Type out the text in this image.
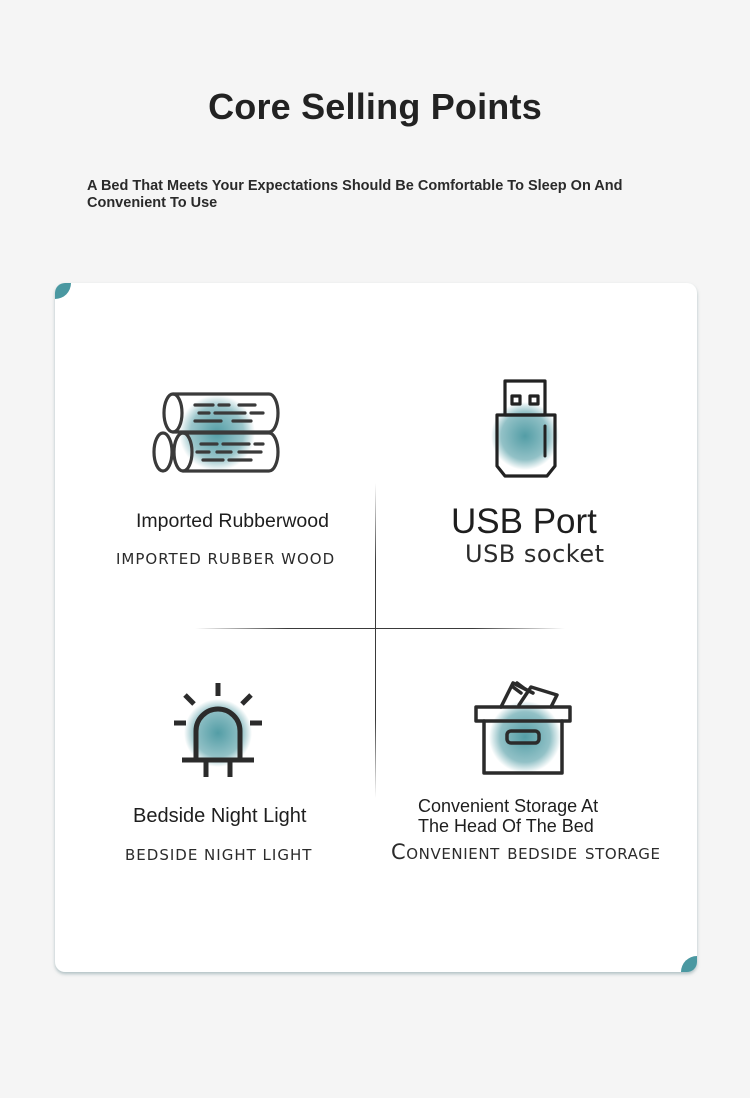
Core Selling Points
A Bed That Meets Your Expectations Should Be Comfortable To Sleep On And Convenient To Use
Imported Rubberwood
IMPORTED RUBBER WOOD
USB Port
USB socket
Bedside Night Light
BEDSIDE NIGHT LIGHT
Convenient Storage At The Head Of The Bed
Convenient bedside storage
